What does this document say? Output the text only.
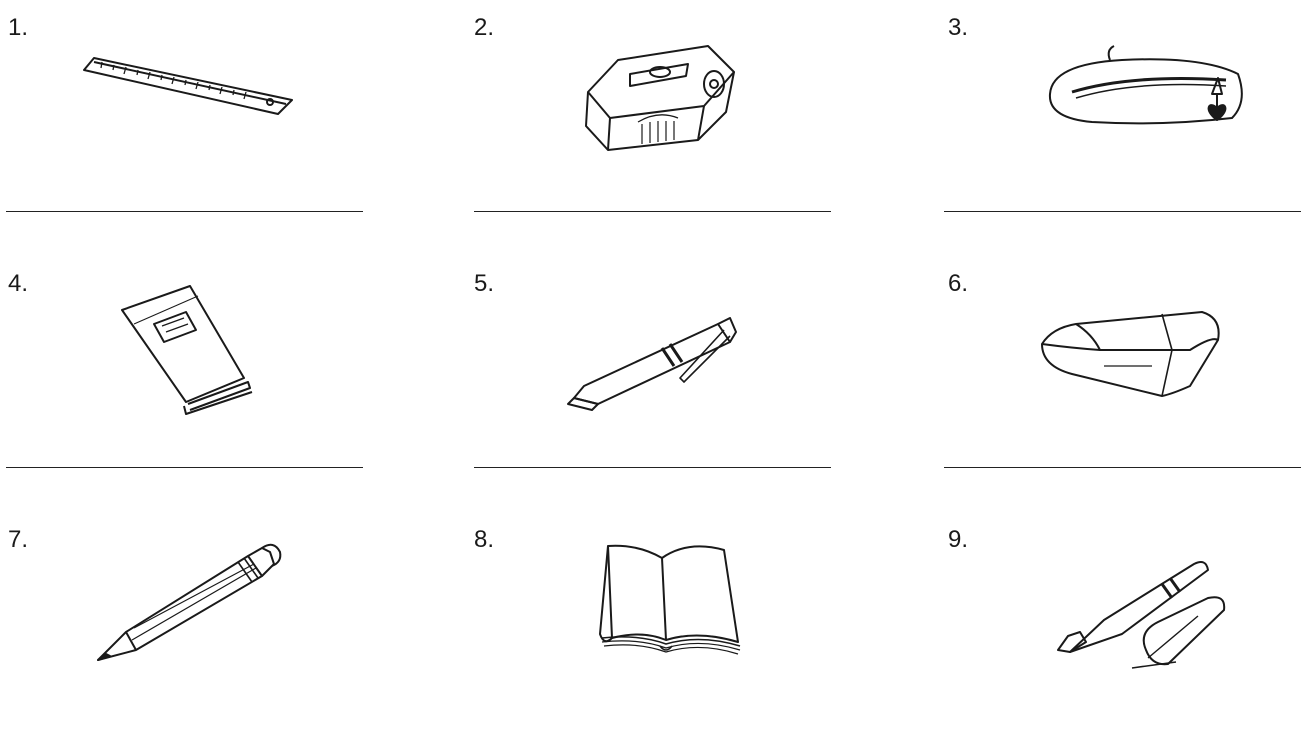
1.	2.	3.
4.	5.	6.
7.	8.	9.
